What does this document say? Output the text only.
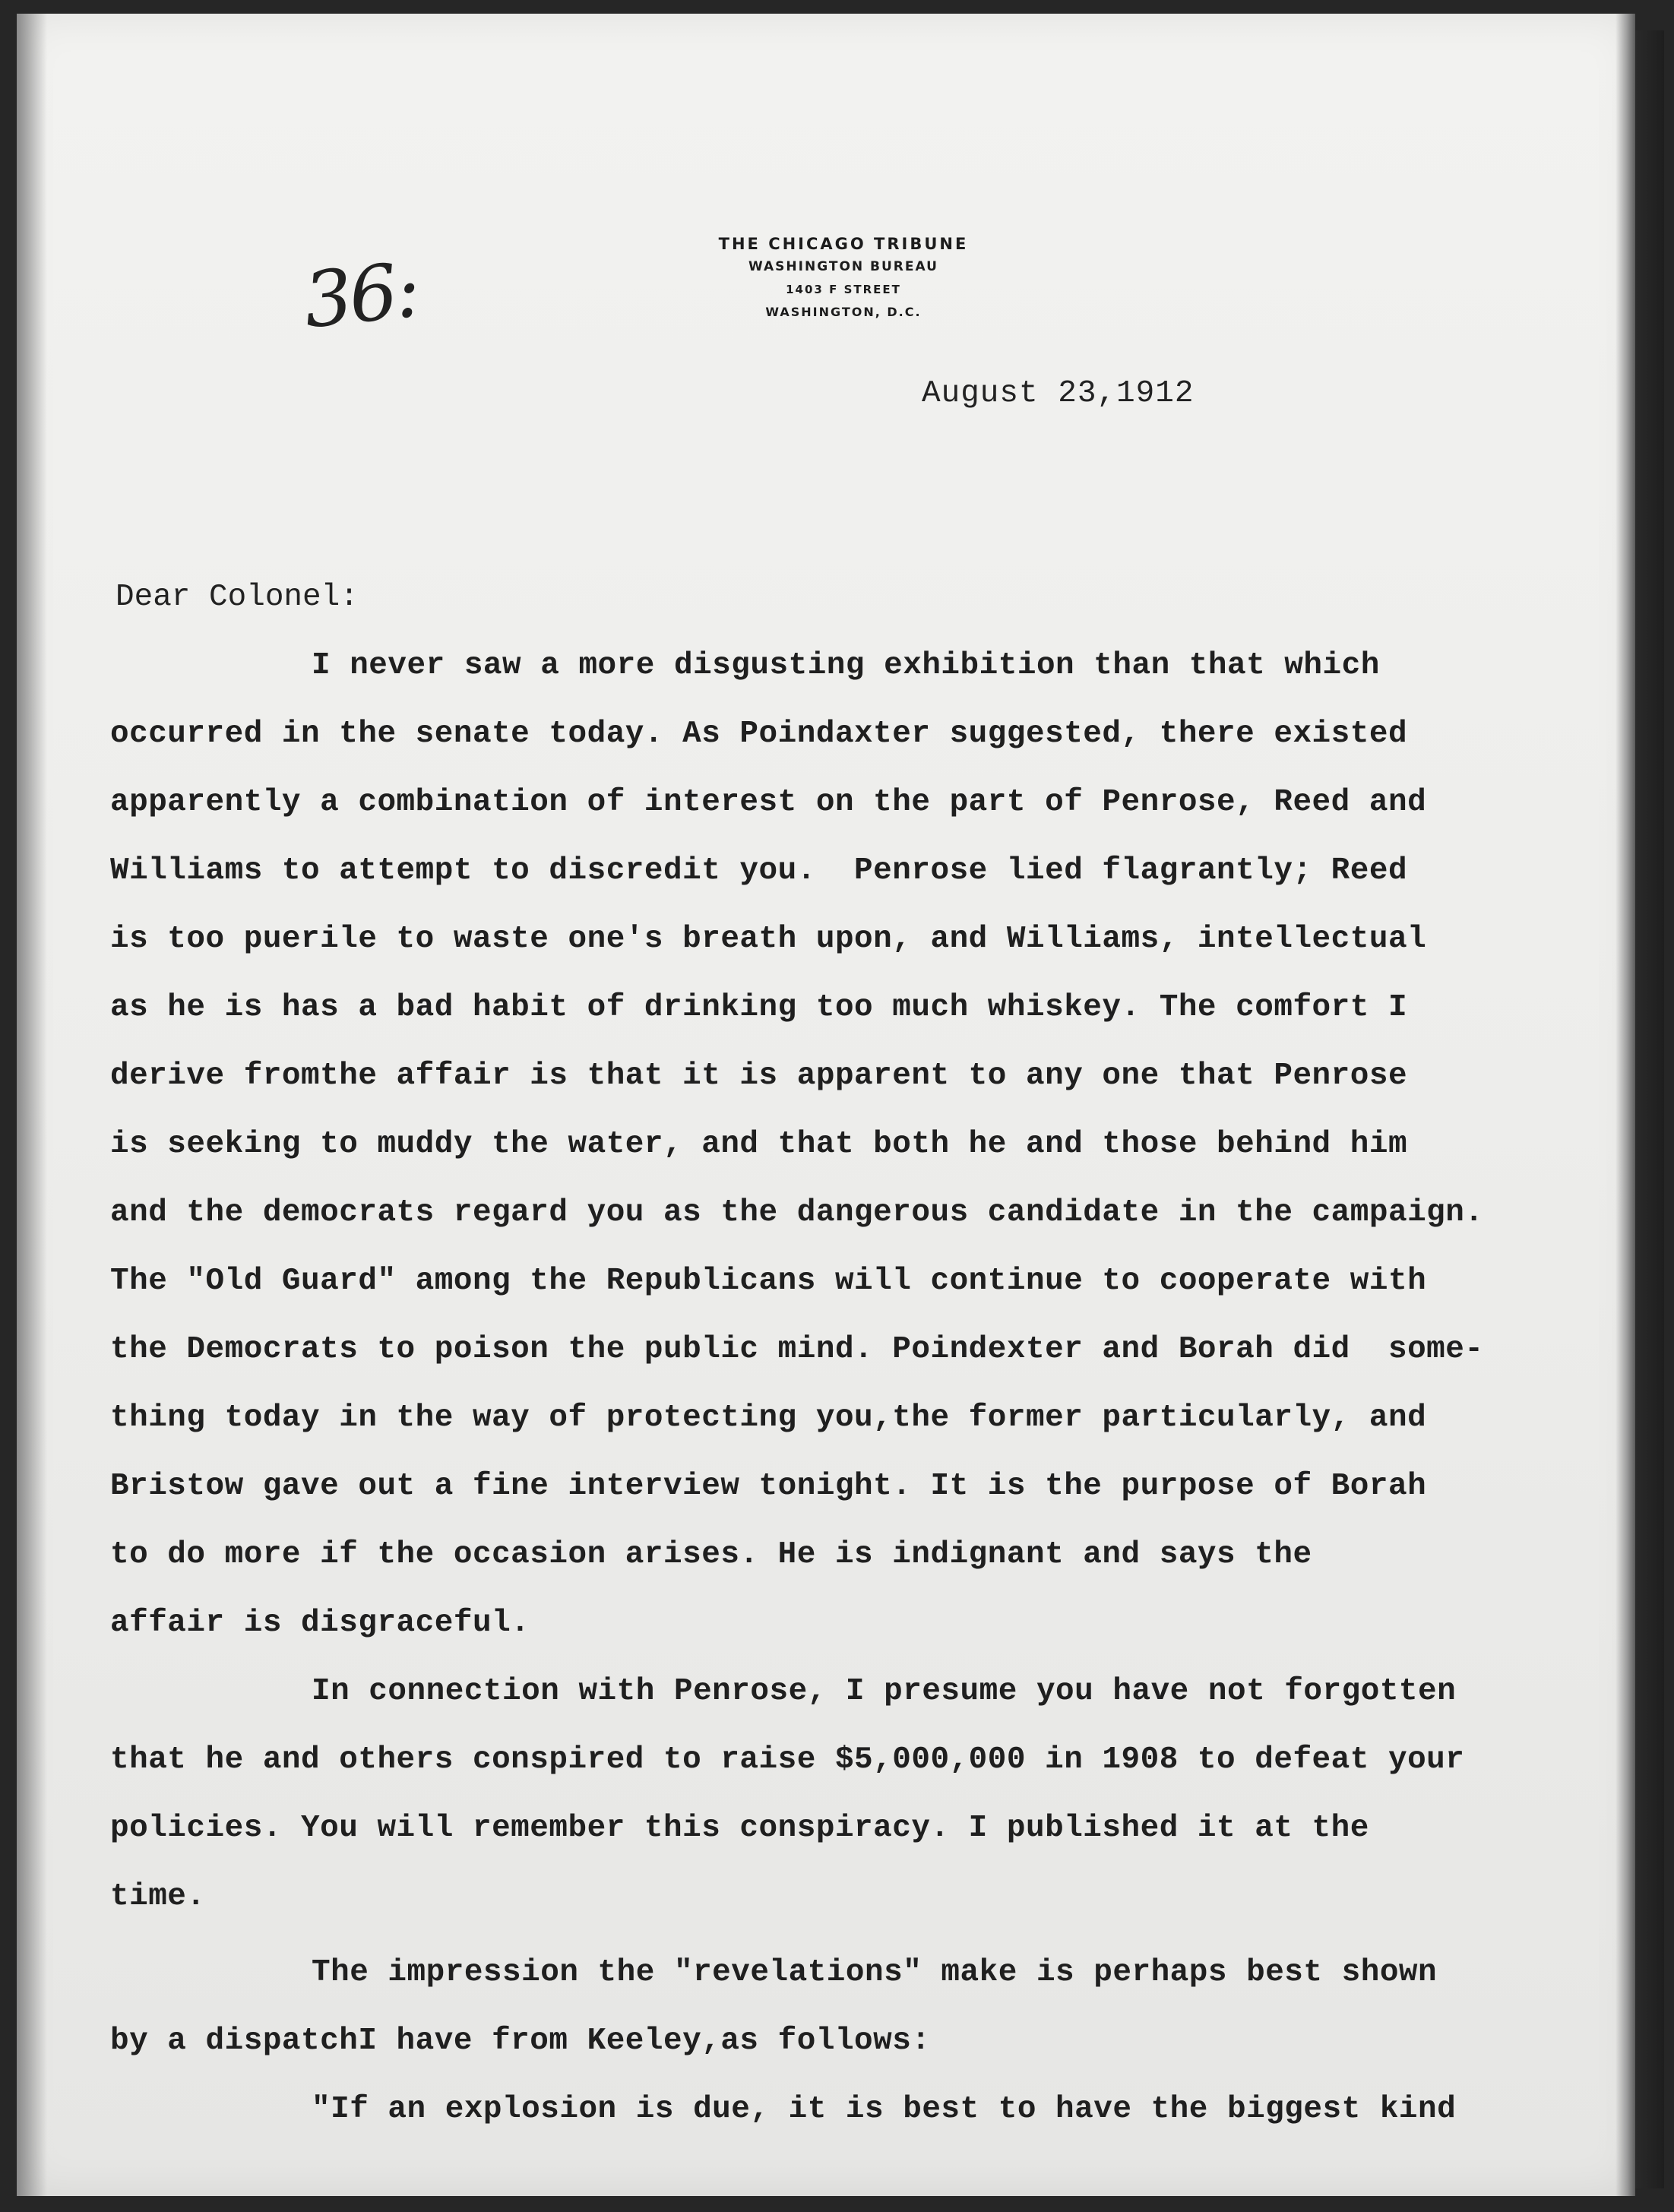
36:
THE CHICAGO TRIBUNE
WASHINGTON BUREAU
1403 F STREET
WASHINGTON, D.C.
August 23,1912
Dear Colonel:
I never saw a more disgusting exhibition than that which
occurred in the senate today. As Poindaxter suggested, there existed
apparently a combination of interest on the part of Penrose, Reed and
Williams to attempt to discredit you.  Penrose lied flagrantly; Reed
is too puerile to waste one's breath upon, and Williams, intellectual
as he is has a bad habit of drinking too much whiskey. The comfort I
derive fromthe affair is that it is apparent to any one that Penrose
is seeking to muddy the water, and that both he and those behind him
and the democrats regard you as the dangerous candidate in the campaign.
The "Old Guard" among the Republicans will continue to cooperate with
the Democrats to poison the public mind. Poindexter and Borah did  some-
thing today in the way of protecting you,the former particularly, and
Bristow gave out a fine interview tonight. It is the purpose of Borah
to do more if the occasion arises. He is indignant and says the
affair is disgraceful.
In connection with Penrose, I presume you have not forgotten
that he and others conspired to raise $5,000,000 in 1908 to defeat your
policies. You will remember this conspiracy. I published it at the
time.
The impression the "revelations" make is perhaps best shown
by a dispatchI have from Keeley,as follows:
"If an explosion is due, it is best to have the biggest kind
